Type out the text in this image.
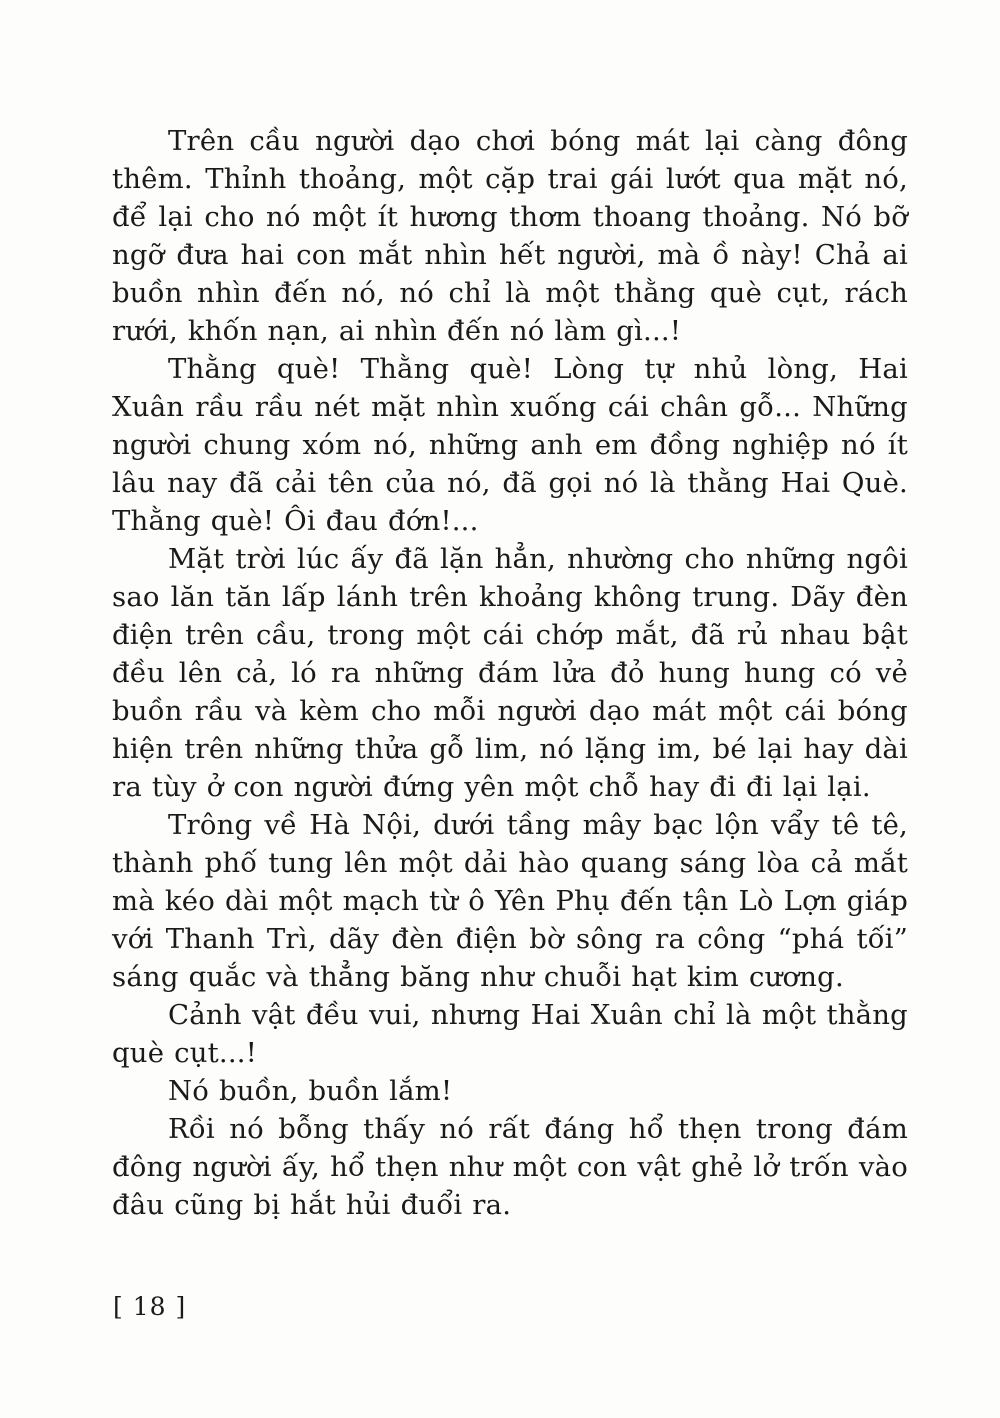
Trên cầu người dạo chơi bóng mát lại càng đông thêm. Thỉnh thoảng, một cặp trai gái lướt qua mặt nó, để lại cho nó một ít hương thơm thoang thoảng. Nó bỡ ngỡ đưa hai con mắt nhìn hết người, mà ồ này! Chả ai buồn nhìn đến nó, nó chỉ là một thằng què cụt, rách rưới, khốn nạn, ai nhìn đến nó làm gì...!

Thằng què! Thằng què! Lòng tự nhủ lòng, Hai Xuân rầu rầu nét mặt nhìn xuống cái chân gỗ... Những người chung xóm nó, những anh em đồng nghiệp nó ít lâu nay đã cải tên của nó, đã gọi nó là thằng Hai Què. Thằng què! Ôi đau đớn!...

Mặt trời lúc ấy đã lặn hẳn, nhường cho những ngôi sao lăn tăn lấp lánh trên khoảng không trung. Dãy đèn điện trên cầu, trong một cái chớp mắt, đã rủ nhau bật đều lên cả, ló ra những đám lửa đỏ hung hung có vẻ buồn rầu và kèm cho mỗi người dạo mát một cái bóng hiện trên những thửa gỗ lim, nó lặng im, bé lại hay dài ra tùy ở con người đứng yên một chỗ hay đi đi lại lại.

Trông về Hà Nội, dưới tầng mây bạc lộn vẩy tê tê, thành phố tung lên một dải hào quang sáng lòa cả mắt mà kéo dài một mạch từ ô Yên Phụ đến tận Lò Lợn giáp với Thanh Trì, dãy đèn điện bờ sông ra công “phá tối” sáng quắc và thẳng băng như chuỗi hạt kim cương.

Cảnh vật đều vui, nhưng Hai Xuân chỉ là một thằng què cụt...!

Nó buồn, buồn lắm!

Rồi nó bỗng thấy nó rất đáng hổ thẹn trong đám đông người ấy, hổ thẹn như một con vật ghẻ lở trốn vào đâu cũng bị hắt hủi đuổi ra.

[ 18 ]
